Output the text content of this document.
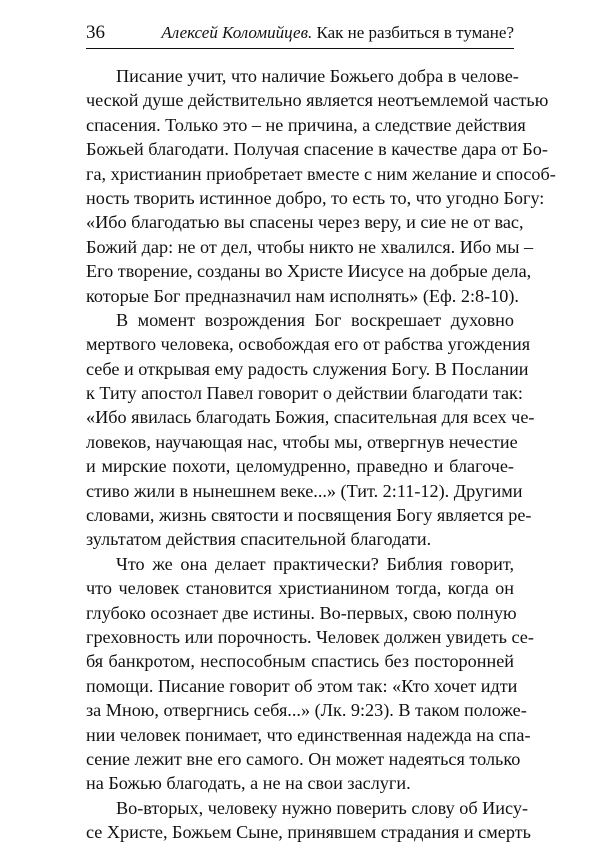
36	Алексей Коломийцев. Как не разбиться в тумане?
Писание учит, что наличие Божьего добра в челове-
ческой душе действительно является неотъемлемой частью
спасения. Только это – не причина, а следствие действия
Божьей благодати. Получая спасение в качестве дара от Бо-
га, христианин приобретает вместе с ним желание и способ-
ность творить истинное добро, то есть то, что угодно Богу:
«Ибо благодатью вы спасены через веру, и сие не от вас,
Божий дар: не от дел, чтобы никто не хвалился. Ибо мы –
Его творение, созданы во Христе Иисусе на добрые дела,
которые Бог предназначил нам исполнять» (Еф. 2:8-10).
В момент возрождения Бог воскрешает духовно
мертвого человека, освобождая его от рабства угождения
себе и открывая ему радость служения Богу. В Послании
к Титу апостол Павел говорит о действии благодати так:
«Ибо явилась благодать Божия, спасительная для всех че-
ловеков, научающая нас, чтобы мы, отвергнув нечестие
и мирские похоти, целомудренно, праведно и благоче-
стиво жили в нынешнем веке...» (Тит. 2:11-12). Другими
словами, жизнь святости и посвящения Богу является ре-
зультатом действия спасительной благодати.
Что же она делает практически? Библия говорит,
что человек становится христианином тогда, когда он
глубоко осознает две истины. Во-первых, свою полную
греховность или порочность. Человек должен увидеть се-
бя банкротом, неспособным спастись без посторонней
помощи. Писание говорит об этом так: «Кто хочет идти
за Мною, отвергнись себя...» (Лк. 9:23). В таком положе-
нии человек понимает, что единственная надежда на спа-
сение лежит вне его самого. Он может надеяться только
на Божью благодать, а не на свои заслуги.
Во-вторых, человеку нужно поверить слову об Иису-
се Христе, Божьем Сыне, принявшем страдания и смерть
